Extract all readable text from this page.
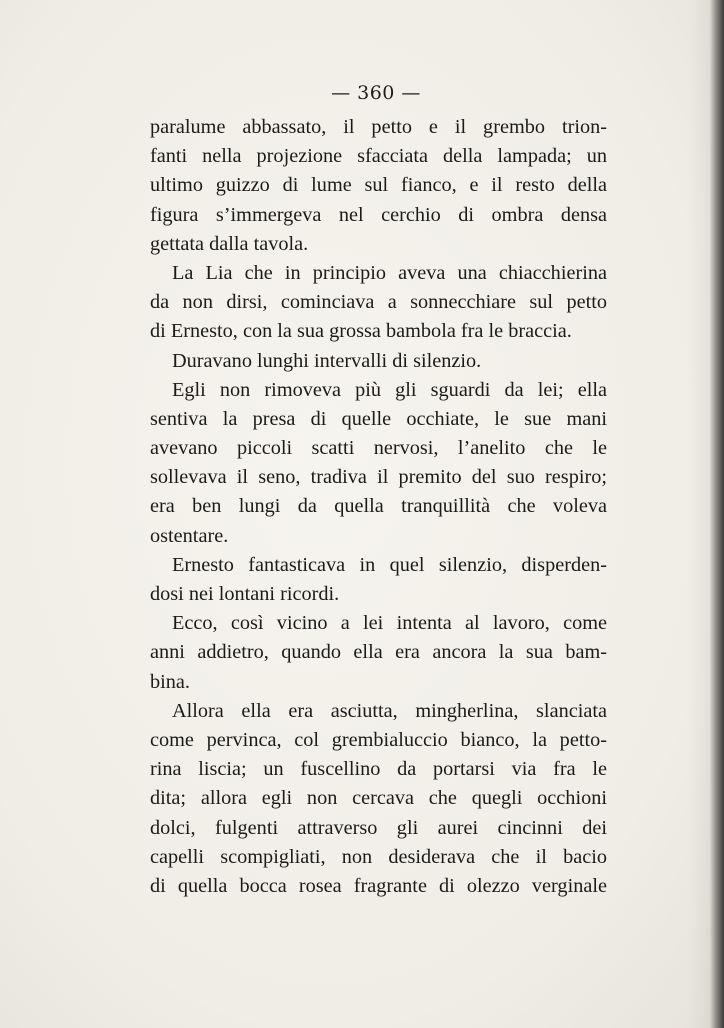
— 360 —
paralume abbassato, il petto e il grembo trion-
fanti nella projezione sfacciata della lampada; un
ultimo guizzo di lume sul fianco, e il resto della
figura s’immergeva nel cerchio di ombra densa
gettata dalla tavola.
La Lia che in principio aveva una chiacchierina
da non dirsi, cominciava a sonnecchiare sul petto
di Ernesto, con la sua grossa bambola fra le braccia.
Duravano lunghi intervalli di silenzio.
Egli non rimoveva più gli sguardi da lei; ella
sentiva la presa di quelle occhiate, le sue mani
avevano piccoli scatti nervosi, l’anelito che le
sollevava il seno, tradiva il premito del suo respiro;
era ben lungi da quella tranquillità che voleva
ostentare.
Ernesto fantasticava in quel silenzio, disperden-
dosi nei lontani ricordi.
Ecco, così vicino a lei intenta al lavoro, come
anni addietro, quando ella era ancora la sua bam-
bina.
Allora ella era asciutta, mingherlina, slanciata
come pervinca, col grembialuccio bianco, la petto-
rina liscia; un fuscellino da portarsi via fra le
dita; allora egli non cercava che quegli occhioni
dolci, fulgenti attraverso gli aurei cincinni dei
capelli scompigliati, non desiderava che il bacio
di quella bocca rosea fragrante di olezzo verginale
